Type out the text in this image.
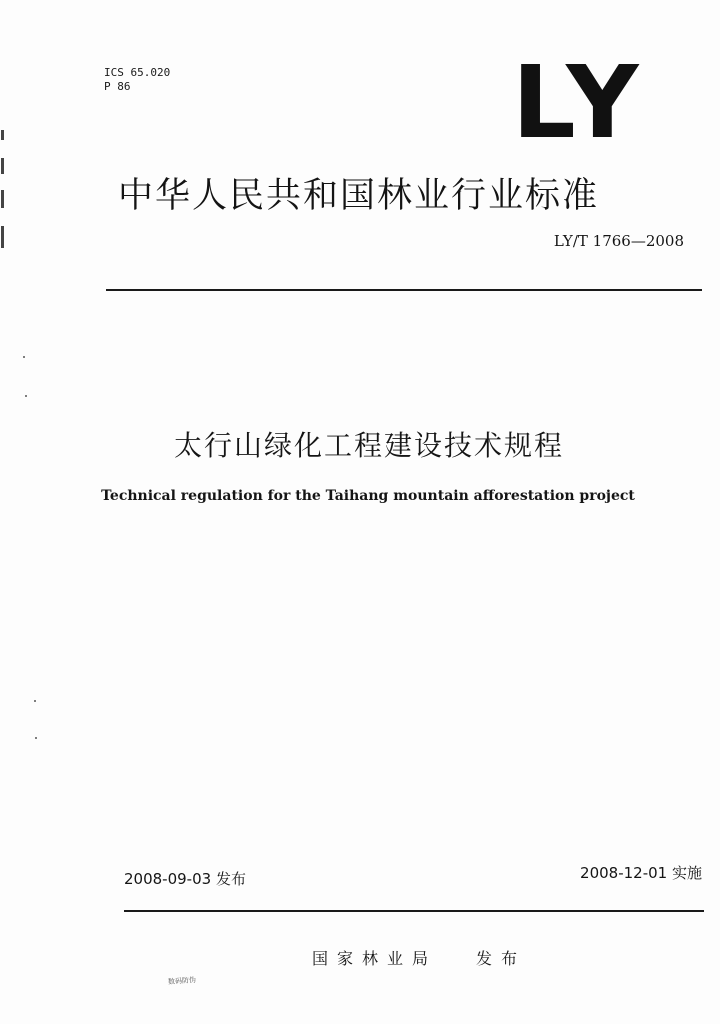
ICS 65.020
P 86	LY
中华人民共和国林业行业标准
LY/T 1766—2008
太行山绿化工程建设技术规程
Technical regulation for the Taihang mountain afforestation project
2008-09-03 发布	2008-12-01 实施
国家林业局 发布
数码防伪
